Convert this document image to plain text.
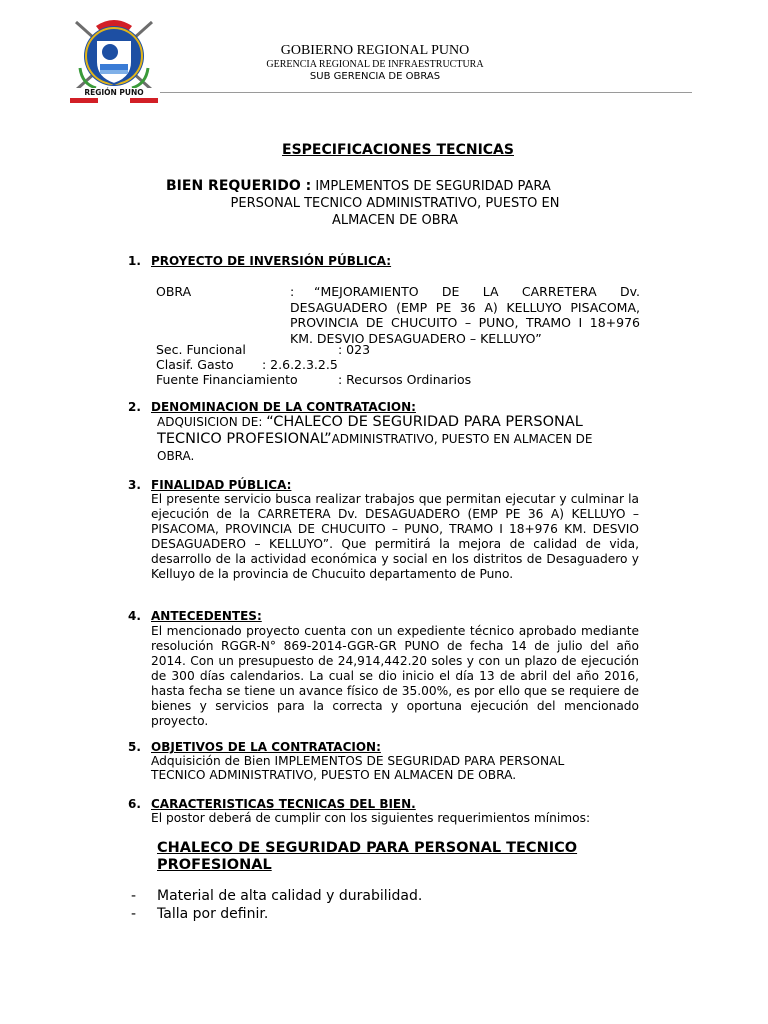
REGIÓN PUNO
GOBIERNO REGIONAL PUNO
GERENCIA REGIONAL DE INFRAESTRUCTURA
SUB GERENCIA DE OBRAS
ESPECIFICACIONES TECNICAS
BIEN REQUERIDO : IMPLEMENTOS DE SEGURIDAD PARA
PERSONAL TECNICO ADMINISTRATIVO, PUESTO EN
ALMACEN DE OBRA
1. PROYECTO DE INVERSIÓN PÚBLICA:
OBRA	:	“MEJORAMIENTO DE LA CARRETERA Dv. DESAGUADERO (EMP PE 36 A) KELLUYO PISACOMA, PROVINCIA DE CHUCUITO – PUNO, TRAMO I 18+976 KM. DESVIO DESAGUADERO – KELLUYO”
Sec. Funcional	: 023
Clasif. Gasto : 2.6.2.3.2.5
Fuente Financiamiento	: Recursos Ordinarios
2. DENOMINACION DE LA CONTRATACION:
ADQUISICION DE: “CHALECO DE SEGURIDAD PARA PERSONAL
TECNICO PROFESIONAL”ADMINISTRATIVO, PUESTO EN ALMACEN DE
OBRA.
3. FINALIDAD PÚBLICA:
El presente servicio busca realizar trabajos que permitan ejecutar y culminar la ejecución de la CARRETERA Dv. DESAGUADERO (EMP PE 36 A) KELLUYO – PISACOMA, PROVINCIA DE CHUCUITO – PUNO, TRAMO I 18+976 KM. DESVIO DESAGUADERO – KELLUYO”. Que permitirá la mejora de calidad de vida, desarrollo de la actividad económica y social en los distritos de Desaguadero y Kelluyo de la provincia de Chucuito departamento de Puno.
4. ANTECEDENTES:
El mencionado proyecto cuenta con un expediente técnico aprobado mediante resolución RGGR-N° 869-2014-GGR-GR PUNO de fecha 14 de julio del año 2014. Con un presupuesto de 24,914,442.20 soles y con un plazo de ejecución de 300 días calendarios. La cual se dio inicio el día 13 de abril del año 2016, hasta fecha se tiene un avance físico de 35.00%, es por ello que se requiere de bienes y servicios para la correcta y oportuna ejecución del mencionado proyecto.
5. OBJETIVOS DE LA CONTRATACION:
Adquisición de Bien IMPLEMENTOS DE SEGURIDAD PARA PERSONAL
TECNICO ADMINISTRATIVO, PUESTO EN ALMACEN DE OBRA.
6. CARACTERISTICAS TECNICAS DEL BIEN.
El postor deberá de cumplir con los siguientes requerimientos mínimos:
CHALECO DE SEGURIDAD PARA PERSONAL TECNICO PROFESIONAL
- Material de alta calidad y durabilidad.
- Talla por definir.
